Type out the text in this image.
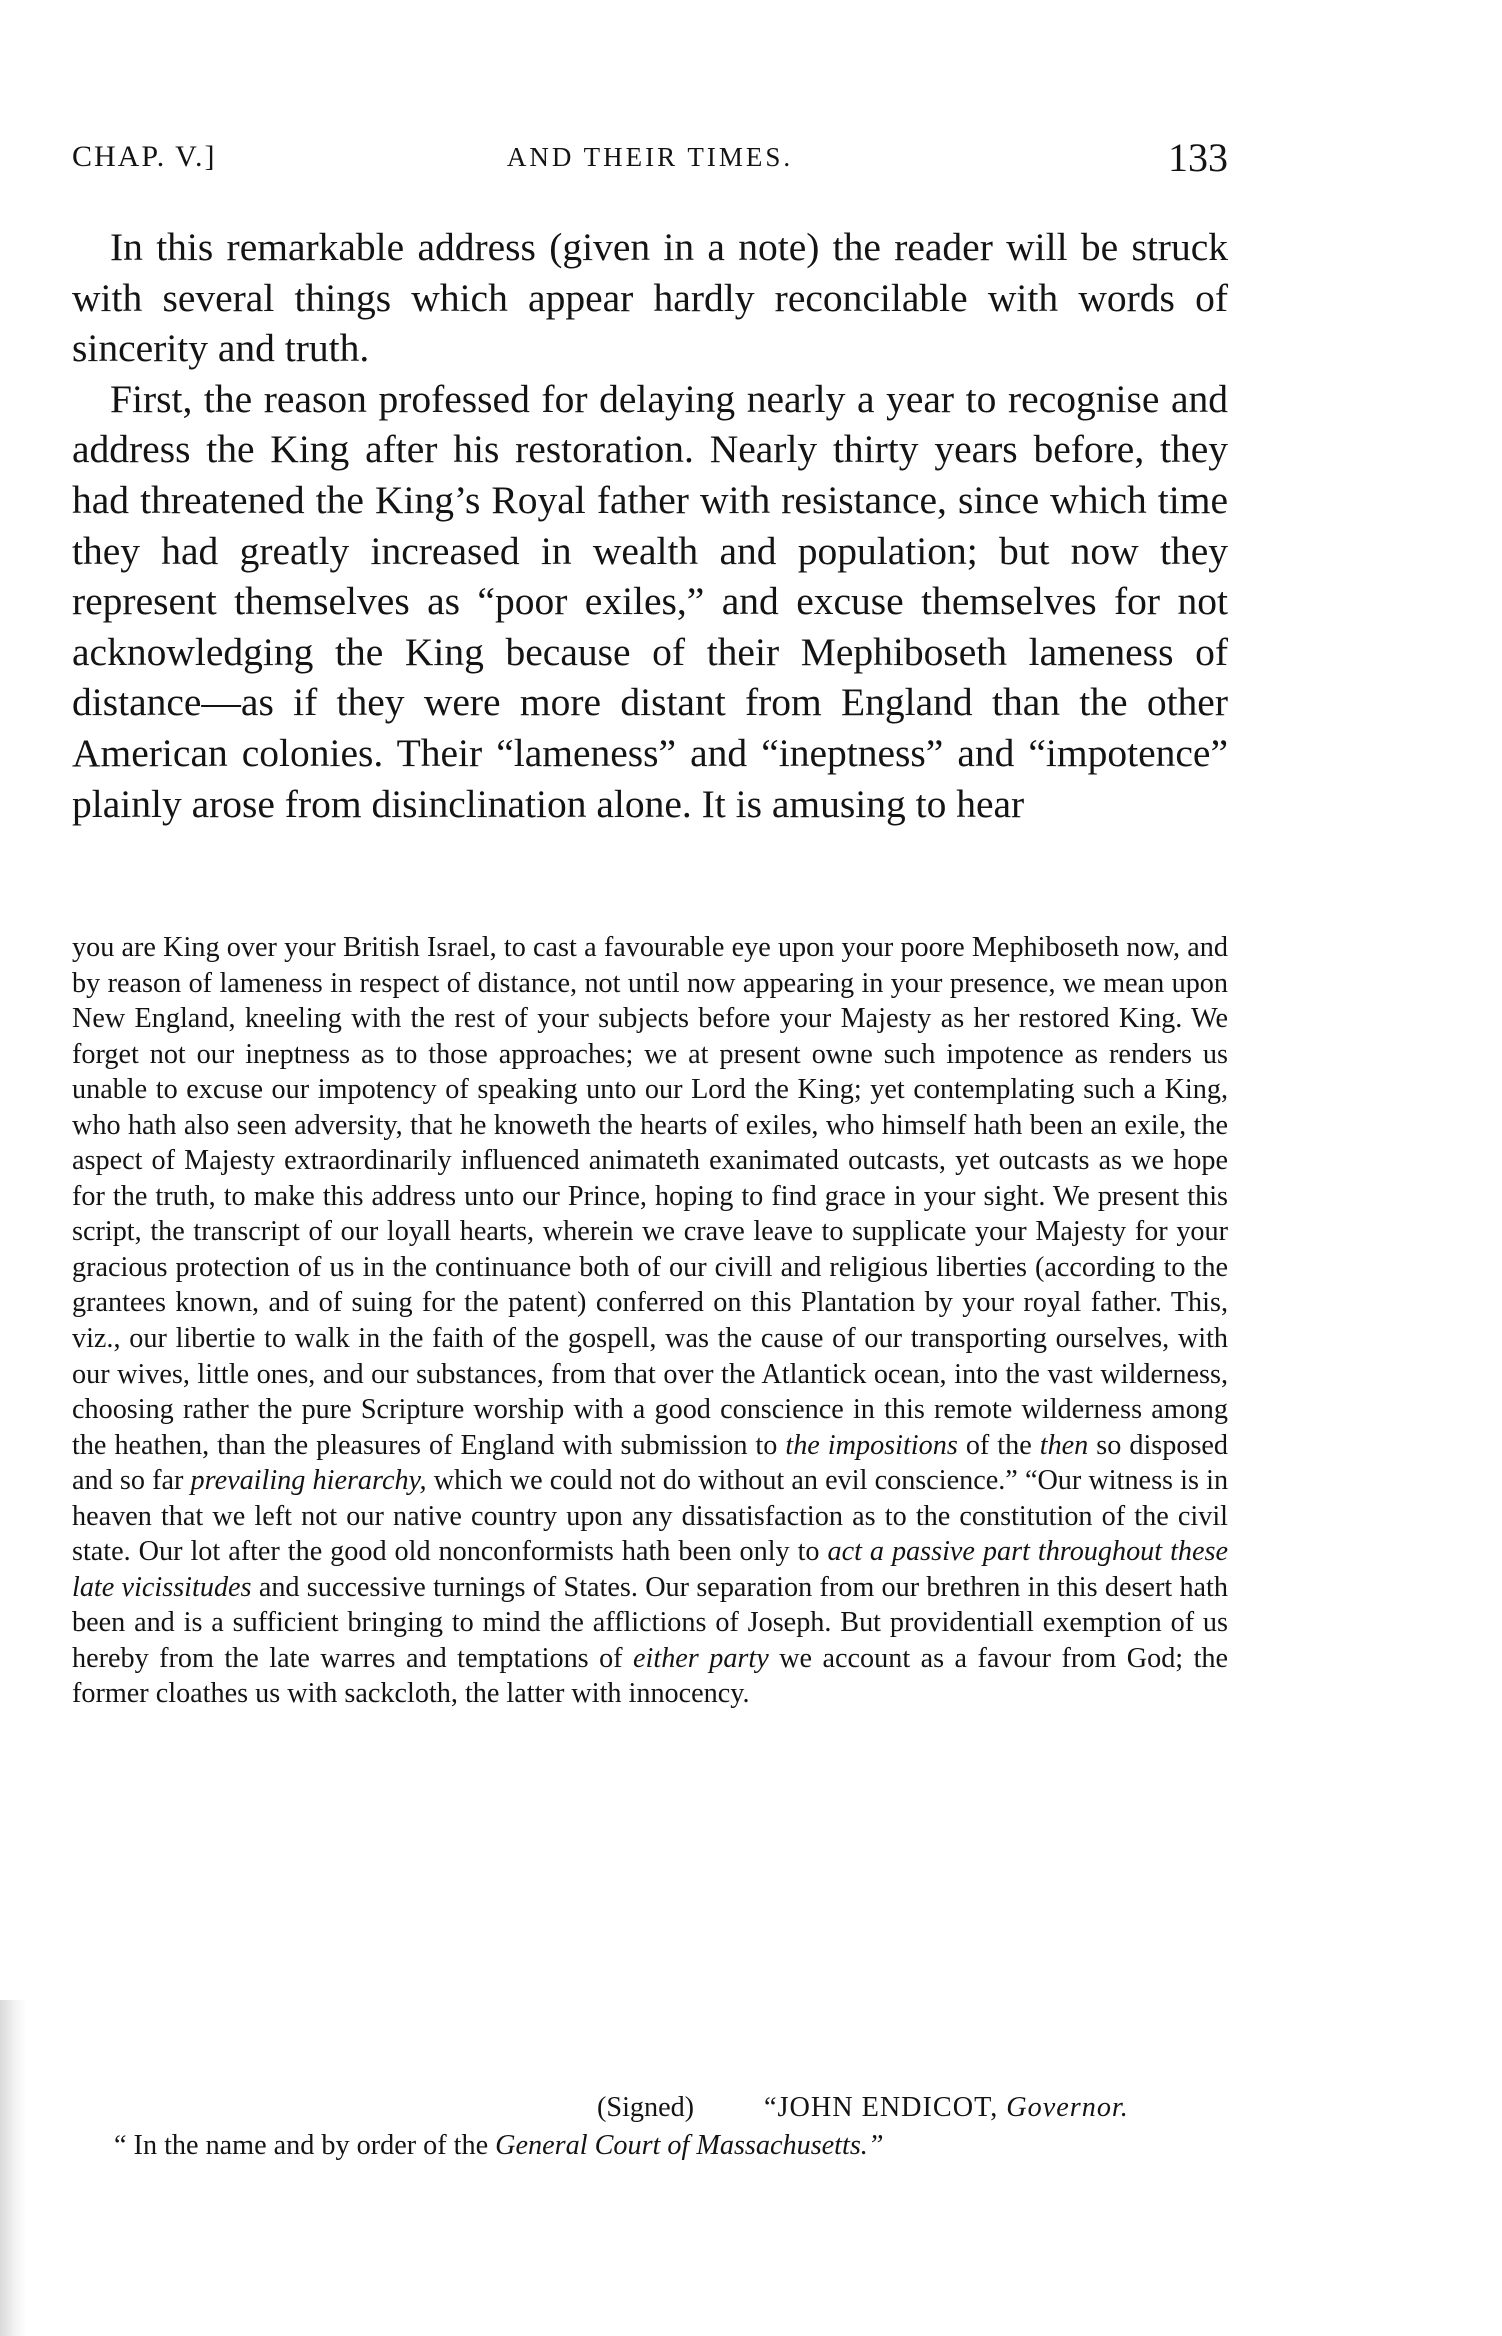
CHAP. V.]	AND THEIR TIMES.	133

In this remarkable address (given in a note) the reader will be struck with several things which appear hardly reconcilable with words of sincerity and truth.

First, the reason professed for delaying nearly a year to recognise and address the King after his restoration. Nearly thirty years before, they had threatened the King’s Royal father with resistance, since which time they had greatly increased in wealth and population; but now they represent themselves as “poor exiles,” and excuse themselves for not acknowledging the King because of their Mephiboseth lameness of distance—as if they were more distant from England than the other American colonies. Their “lameness” and “ineptness” and “impotence” plainly arose from disinclination alone. It is amusing to hear

you are King over your British Israel, to cast a favourable eye upon your poore Mephiboseth now, and by reason of lameness in respect of distance, not until now appearing in your presence, we mean upon New England, kneeling with the rest of your subjects before your Majesty as her restored King. We forget not our ineptness as to those approaches; we at present owne such impotence as renders us unable to excuse our impotency of speaking unto our Lord the King; yet contemplating such a King, who hath also seen adversity, that he knoweth the hearts of exiles, who himself hath been an exile, the aspect of Majesty extraordinarily influenced animateth exanimated outcasts, yet outcasts as we hope for the truth, to make this address unto our Prince, hoping to find grace in your sight. We present this script, the transcript of our loyall hearts, wherein we crave leave to supplicate your Majesty for your gracious protection of us in the continuance both of our civill and religious liberties (according to the grantees known, and of suing for the patent) conferred on this Plantation by your royal father. This, viz., our libertie to walk in the faith of the gospell, was the cause of our transporting ourselves, with our wives, little ones, and our substances, from that over the Atlantick ocean, into the vast wilderness, choosing rather the pure Scripture worship with a good conscience in this remote wilderness among the heathen, than the pleasures of England with submission to the impositions of the then so disposed and so far prevailing hierarchy, which we could not do without an evil conscience.” “Our witness is in heaven that we left not our native country upon any dissatisfaction as to the constitution of the civil state. Our lot after the good old nonconformists hath been only to act a passive part throughout these late vicissitudes and successive turnings of States. Our separation from our brethren in this desert hath been and is a sufficient bringing to mind the afflictions of Joseph. But providentiall exemption of us hereby from the late warres and temptations of either party we account as a favour from God; the former cloathes us with sackcloth, the latter with innocency.

(Signed) “JOHN ENDICOT, Governor.
“ In the name and by order of the General Court of Massachusetts.”
